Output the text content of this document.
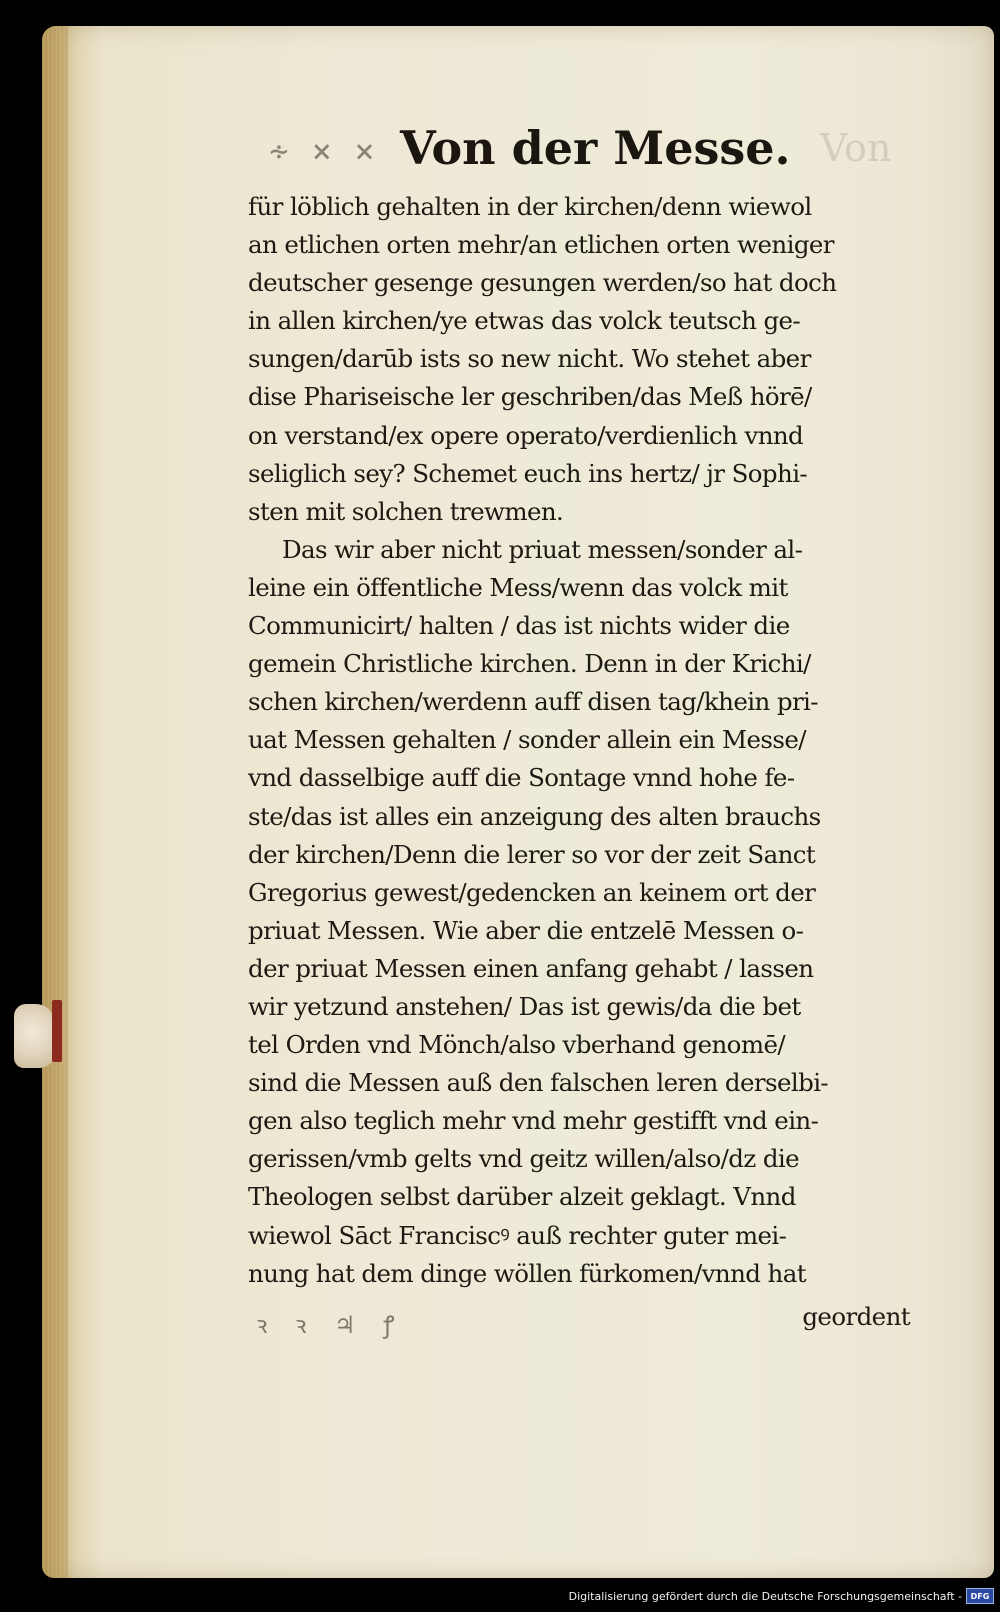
∻ × × Von der Messe. Von
für löblich gehalten in der kirchen/denn wiewol
an etlichen orten mehr/an etlichen orten weniger
deutscher gesenge gesungen werden/so hat doch
in allen kirchen/ye etwas das volck teutsch ge-
sungen/darūb ists so new nicht. Wo stehet aber
dise Phariseische ler geschriben/das Meß hörē/
on verstand/ex opere operato/verdienlich vnnd
seliglich sey? Schemet euch ins hertz/ jr Sophi-
sten mit solchen trewmen.
Das wir aber nicht priuat messen/sonder al-
leine ein öffentliche Mess/wenn das volck mit
Communicirt/ halten / das ist nichts wider die
gemein Christliche kirchen. Denn in der Krichi/
schen kirchen/werdenn auff disen tag/khein pri-
uat Messen gehalten / sonder allein ein Messe/
vnd dasselbige auff die Sontage vnnd hohe fe-
ste/das ist alles ein anzeigung des alten brauchs
der kirchen/Denn die lerer so vor der zeit Sanct
Gregorius gewest/gedencken an keinem ort der
priuat Messen. Wie aber die entzelē Messen o-
der priuat Messen einen anfang gehabt / lassen
wir yetzund anstehen/ Das ist gewis/da die bet
tel Orden vnd Mönch/also vberhand genomē/
sind die Messen auß den falschen leren derselbi-
gen also teglich mehr vnd mehr gestifft vnd ein-
gerissen/vmb gelts vnd geitz willen/also/dz die
Theologen selbst darüber alzeit geklagt. Vnnd
wiewol Sāct Franciscꝰ auß rechter guter mei-
nung hat dem dinge wöllen fürkomen/vnnd hat
ꝛ ꝛ ♃ ꝭ	geordent
Digitalisierung gefördert durch die Deutsche Forschungsgemeinschaft -	DFG
